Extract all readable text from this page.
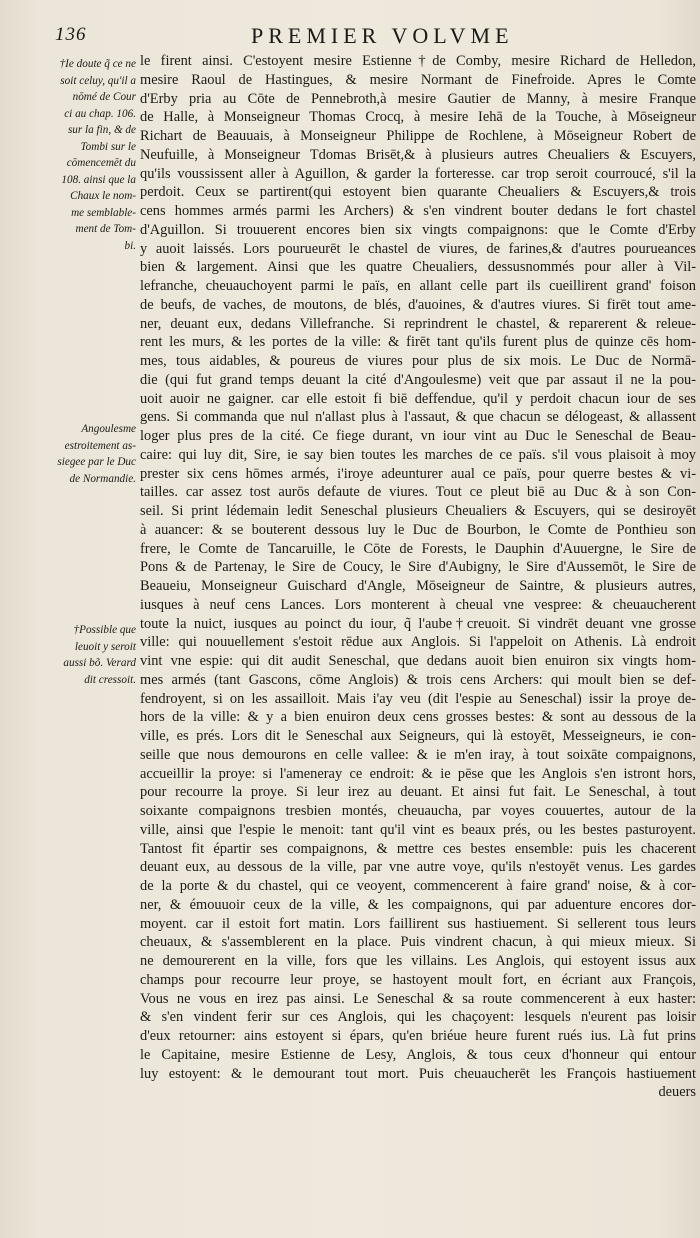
136	PREMIER VOLVME

†Ie doute q̃ ce ne
soit celuy, qu'il a
nōmé de Cour
ci au chap. 106.
sur la fin, & de
Tombi sur le
cōmencemēt du
108. ainsi que la
Chaux le nom-
me semblable-
ment de Tom-
bi.

Angoulesme
estroitement as-
siegee par le Duc
de Normandie.

†Possible que
leuoit y seroit
aussi bõ. Verard
dit cressoit.

le firent ainsi. C'estoyent mesire Estienne†de Comby, mesire Richard de Helledon,
mesire Raoul de Hastingues, & mesire Normant de Finefroide. Apres le Comte
d'Erby pria au Cōte de Pennebroth,à mesire Gautier de Manny, à mesire Franque
de Halle, à Monseigneur Thomas Crocq, à mesire Iehā de la Touche, à Mōseigneur
Richart de Beauuais, à Monseigneur Philippe de Rochlene, à Mōseigneur Robert de
Neufuille, à Monseigneur Tdomas Brisēt,& à plusieurs autres Cheualiers & Escuyers,
qu'ils voussissent aller à Aguillon, & garder la forteresse. car trop seroit courroucé, s'il la
perdoit. Ceux se partirent(qui estoyent bien quarante Cheualiers & Escuyers,& trois
cens hommes armés parmi les Archers) & s'en vindrent bouter dedans le fort chastel
d'Aguillon. Si trouuerent encores bien six vingts compaignons: que le Comte d'Erby
y auoit laissés. Lors pourueurēt le chastel de viures, de farines,& d'autres pourueances
bien & largement. Ainsi que les quatre Cheualiers, dessusnommés pour aller à Vil-
lefranche, cheuauchoyent parmi le païs, en allant celle part ils cueillirent grand' foison
de beufs, de vaches, de moutons, de blés, d'auoines, & d'autres viures. Si firēt tout ame-
ner, deuant eux, dedans Villefranche. Si reprindrent le chastel, & reparerent & releue-
rent les murs, & les portes de la ville: & firēt tant qu'ils furent plus de quinze cēs hom-
mes, tous aidables, & poureus de viures pour plus de six mois. Le Duc de Normā-
die (qui fut grand temps deuant la cité d'Angoulesme) veit que par assaut il ne la pou-
uoit auoir ne gaigner. car elle estoit fi biē deffendue, qu'il y perdoit chacun iour de ses
gens. Si commanda que nul n'allast plus à l'assaut, & que chacun se délogeast, & allassent
loger plus pres de la cité. Ce fiege durant, vn iour vint au Duc le Seneschal de Beau-
caire: qui luy dit, Sire, ie say bien toutes les marches de ce païs. s'il vous plaisoit à moy
prester six cens hōmes armés, i'iroye adeunturer aual ce païs, pour querre bestes & vi-
tailles. car assez tost aurōs defaute de viures. Tout ce pleut biē au Duc & à son Con-
seil. Si print lédemain ledit Seneschal plusieurs Cheualiers & Escuyers, qui se desiroyēt
à auancer: & se bouterent dessous luy le Duc de Bourbon, le Comte de Ponthieu son
frere, le Comte de Tancaruille, le Cōte de Forests, le Dauphin d'Auuergne, le Sire de
Pons & de Partenay, le Sire de Coucy, le Sire d'Aubigny, le Sire d'Aussemōt, le Sire de
Beaueiu, Monseigneur Guischard d'Angle, Mōseigneur de Saintre, & plusieurs autres,
iusques à neuf cens Lances. Lors monterent à cheual vne vespree: & cheuaucherent
toute la nuict, iusques au poinct du iour, q̃ l'aube†creuoit. Si vindrēt deuant vne grosse
ville: qui nouuellement s'estoit rēdue aux Anglois. Si l'appeloit on Athenis. Là endroit
vint vne espie: qui dit audit Seneschal, que dedans auoit bien enuiron six vingts hom-
mes armés (tant Gascons, cōme Anglois) & trois cens Archers: qui moult bien se def-
fendroyent, si on les assailloit. Mais i'ay veu (dit l'espie au Seneschal) issir la proye de-
hors de la ville: & y a bien enuiron deux cens grosses bestes: & sont au dessous de la
ville, es prés. Lors dit le Seneschal aux Seigneurs, qui là estoyēt, Messeigneurs, ie con-
seille que nous demourons en celle vallee: & ie m'en iray, à tout soixāte compaignons,
accueillir la proye: si l'ameneray ce endroit: & ie pēse que les Anglois s'en istront hors,
pour recourre la proye. Si leur irez au deuant. Et ainsi fut fait. Le Seneschal, à tout
soixante compaignons tresbien montés, cheuaucha, par voyes couuertes, autour de la
ville, ainsi que l'espie le menoit: tant qu'il vint es beaux prés, ou les bestes pasturoyent.
Tantost fit épartir ses compaignons, & mettre ces bestes ensemble: puis les chacerent
deuant eux, au dessous de la ville, par vne autre voye, qu'ils n'estoyēt venus. Les gardes
de la porte & du chastel, qui ce veoyent, commencerent à faire grand' noise, & à cor-
ner, & émouuoir ceux de la ville, & les compaignons, qui par aduenture encores dor-
moyent. car il estoit fort matin. Lors faillirent sus hastiuement. Si sellerent tous leurs
cheuaux, & s'assemblerent en la place. Puis vindrent chacun, à qui mieux mieux. Si
ne demourerent en la ville, fors que les villains. Les Anglois, qui estoyent issus aux
champs pour recourre leur proye, se hastoyent moult fort, en écriant aux François,
Vous ne vous en irez pas ainsi. Le Seneschal & sa route commencerent à eux haster:
& s'en vindent ferir sur ces Anglois, qui les chaçoyent: lesquels n'eurent pas loisir
d'eux retourner: ains estoyent si épars, qu'en briéue heure furent rués ius. Là fut prins
le Capitaine, mesire Estienne de Lesy, Anglois, & tous ceux d'honneur qui entour
luy estoyent: & le demourant tout mort. Puis cheuaucherēt les François hastiuement
deuers
